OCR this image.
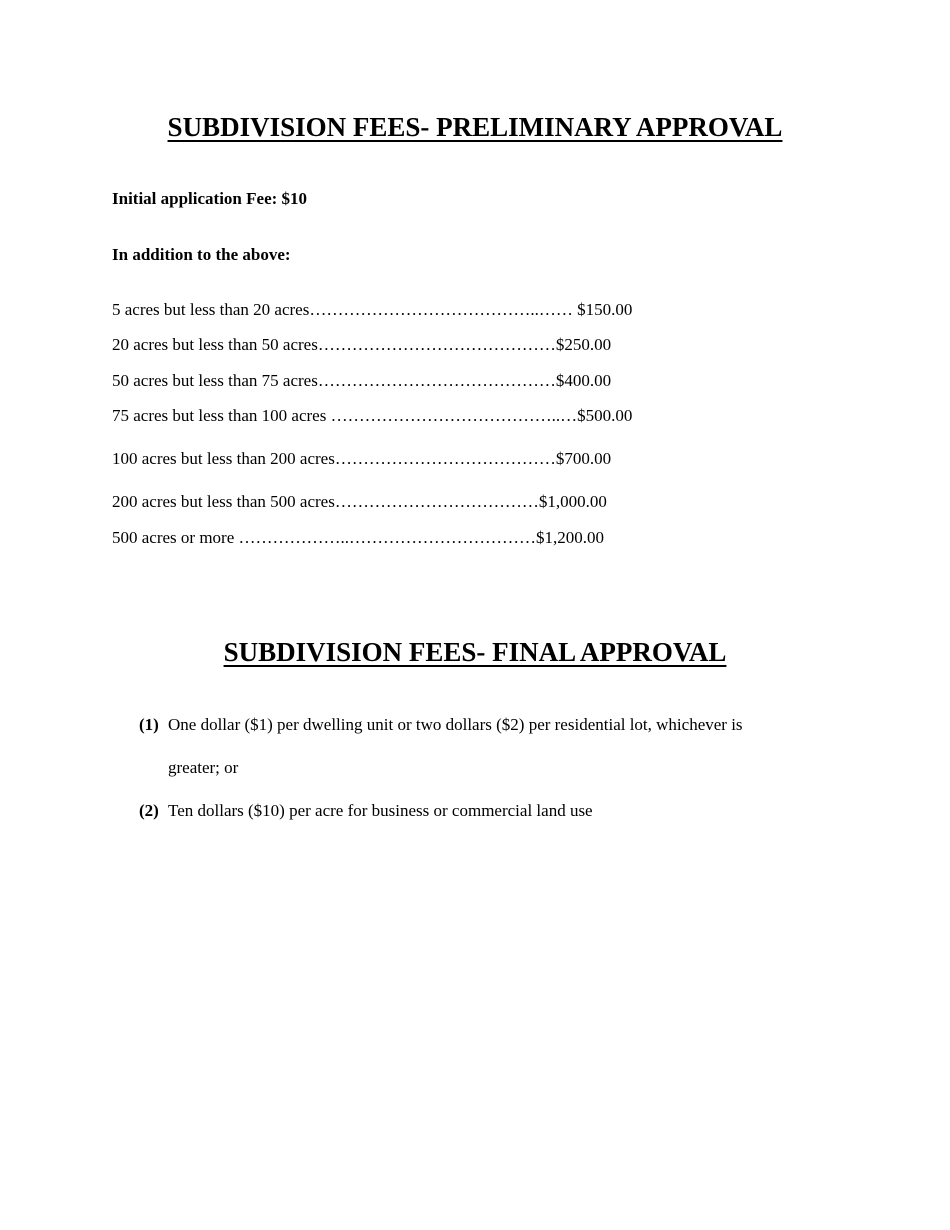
SUBDIVISION FEES- PRELIMINARY APPROVAL

Initial application Fee: $10

In addition to the above:

5 acres but less than 20 acres…………………………………..…… $150.00

20 acres but less than 50 acres……………………………………$250.00

50 acres but less than 75 acres……………………………………$400.00

75 acres but less than 100 acres …………………………………..…$500.00

100 acres but less than 200 acres…………………………………$700.00

200 acres but less than 500 acres………………………………$1,000.00

500 acres or more ………………..……………………………$1,200.00

SUBDIVISION FEES- FINAL APPROVAL
(1) One dollar ($1) per dwelling unit or two dollars ($2) per residential lot, whichever is
greater; or
(2) Ten dollars ($10) per acre for business or commercial land use
